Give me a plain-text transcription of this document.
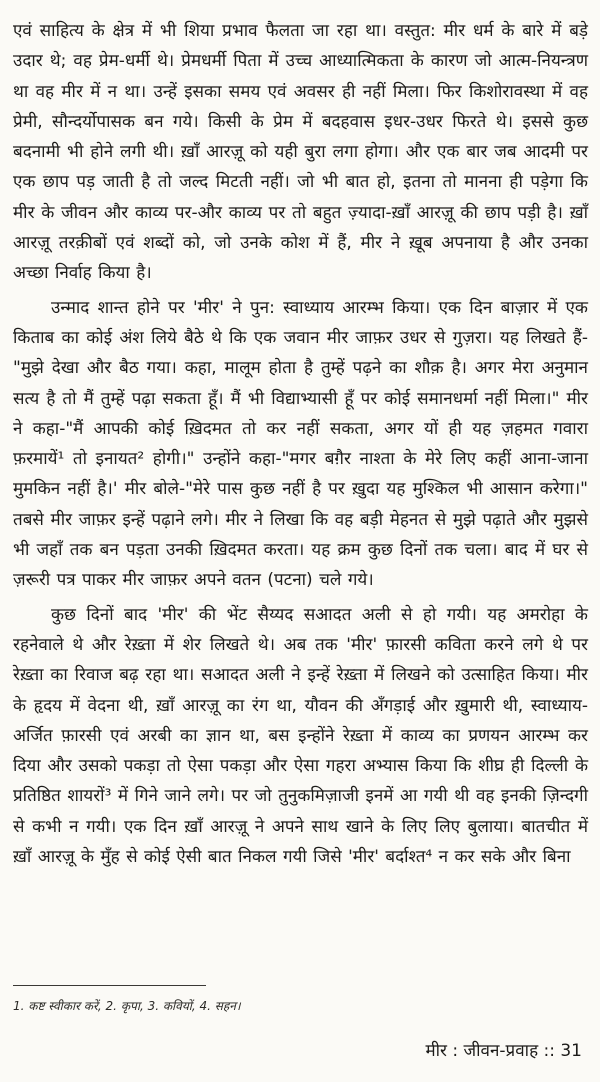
एवं साहित्य के क्षेत्र में भी शिया प्रभाव फैलता जा रहा था। वस्तुत: मीर धर्म के बारे में बड़े उदार थे; वह प्रेम-धर्मी थे। प्रेमधर्मी पिता में उच्च आध्यात्मिकता के कारण जो आत्म-नियन्त्रण था वह मीर में न था। उन्हें इसका समय एवं अवसर ही नहीं मिला। फिर किशोरावस्था में वह प्रेमी, सौन्दर्योपासक बन गये। किसी के प्रेम में बदहवास इधर-उधर फिरते थे। इससे कुछ बदनामी भी होने लगी थी। ख़ाँ आरज़ू को यही बुरा लगा होगा। और एक बार जब आदमी पर एक छाप पड़ जाती है तो जल्द मिटती नहीं। जो भी बात हो, इतना तो मानना ही पड़ेगा कि मीर के जीवन और काव्य पर-और काव्य पर तो बहुत ज़्यादा-ख़ाँ आरज़ू की छाप पड़ी है। ख़ाँ आरज़ू तरक़ीबों एवं शब्दों को, जो उनके कोश में हैं, मीर ने ख़ूब अपनाया है और उनका अच्छा निर्वाह किया है।

उन्माद शान्त होने पर 'मीर' ने पुन: स्वाध्याय आरम्भ किया। एक दिन बाज़ार में एक किताब का कोई अंश लिये बैठे थे कि एक जवान मीर जाफ़र उधर से गुज़रा। यह लिखते हैं-"मुझे देखा और बैठ गया। कहा, मालूम होता है तुम्हें पढ़ने का शौक़ है। अगर मेरा अनुमान सत्य है तो मैं तुम्हें पढ़ा सकता हूँ। मैं भी विद्याभ्यासी हूँ पर कोई समानधर्मा नहीं मिला।" मीर ने कहा-"मैं आपकी कोई ख़िदमत तो कर नहीं सकता, अगर यों ही यह ज़हमत गवारा फ़रमायें¹ तो इनायत² होगी।" उन्होंने कहा-"मगर बग़ैर नाश्ता के मेरे लिए कहीं आना-जाना मुमकिन नहीं है।' मीर बोले-"मेरे पास कुछ नहीं है पर ख़ुदा यह मुश्किल भी आसान करेगा।" तबसे मीर जाफ़र इन्हें पढ़ाने लगे। मीर ने लिखा कि वह बड़ी मेहनत से मुझे पढ़ाते और मुझसे भी जहाँ तक बन पड़ता उनकी ख़िदमत करता। यह क्रम कुछ दिनों तक चला। बाद में घर से ज़रूरी पत्र पाकर मीर जाफ़र अपने वतन (पटना) चले गये।

कुछ दिनों बाद 'मीर' की भेंट सैय्यद सआदत अली से हो गयी। यह अमरोहा के रहनेवाले थे और रेख़्ता में शेर लिखते थे। अब तक 'मीर' फ़ारसी कविता करने लगे थे पर रेख़्ता का रिवाज बढ़ रहा था। सआदत अली ने इन्हें रेख़्ता में लिखने को उत्साहित किया। मीर के हृदय में वेदना थी, ख़ाँ आरज़ू का रंग था, यौवन की अँगड़ाई और ख़ुमारी थी, स्वाध्याय-अर्जित फ़ारसी एवं अरबी का ज्ञान था, बस इन्होंने रेख़्ता में काव्य का प्रणयन आरम्भ कर दिया और उसको पकड़ा तो ऐसा पकड़ा और ऐसा गहरा अभ्यास किया कि शीघ्र ही दिल्ली के प्रतिष्ठित शायरों³ में गिने जाने लगे। पर जो तुनुकमिज़ाजी इनमें आ गयी थी वह इनकी ज़िन्दगी से कभी न गयी। एक दिन ख़ाँ आरज़ू ने अपने साथ खाने के लिए लिए बुलाया। बातचीत में ख़ाँ आरज़ू के मुँह से कोई ऐसी बात निकल गयी जिसे 'मीर' बर्दाश्त⁴ न कर सके और बिना

1. कष्ट स्वीकार करें, 2. कृपा, 3. कवियों, 4. सहन।
मीर : जीवन-प्रवाह :: 31
